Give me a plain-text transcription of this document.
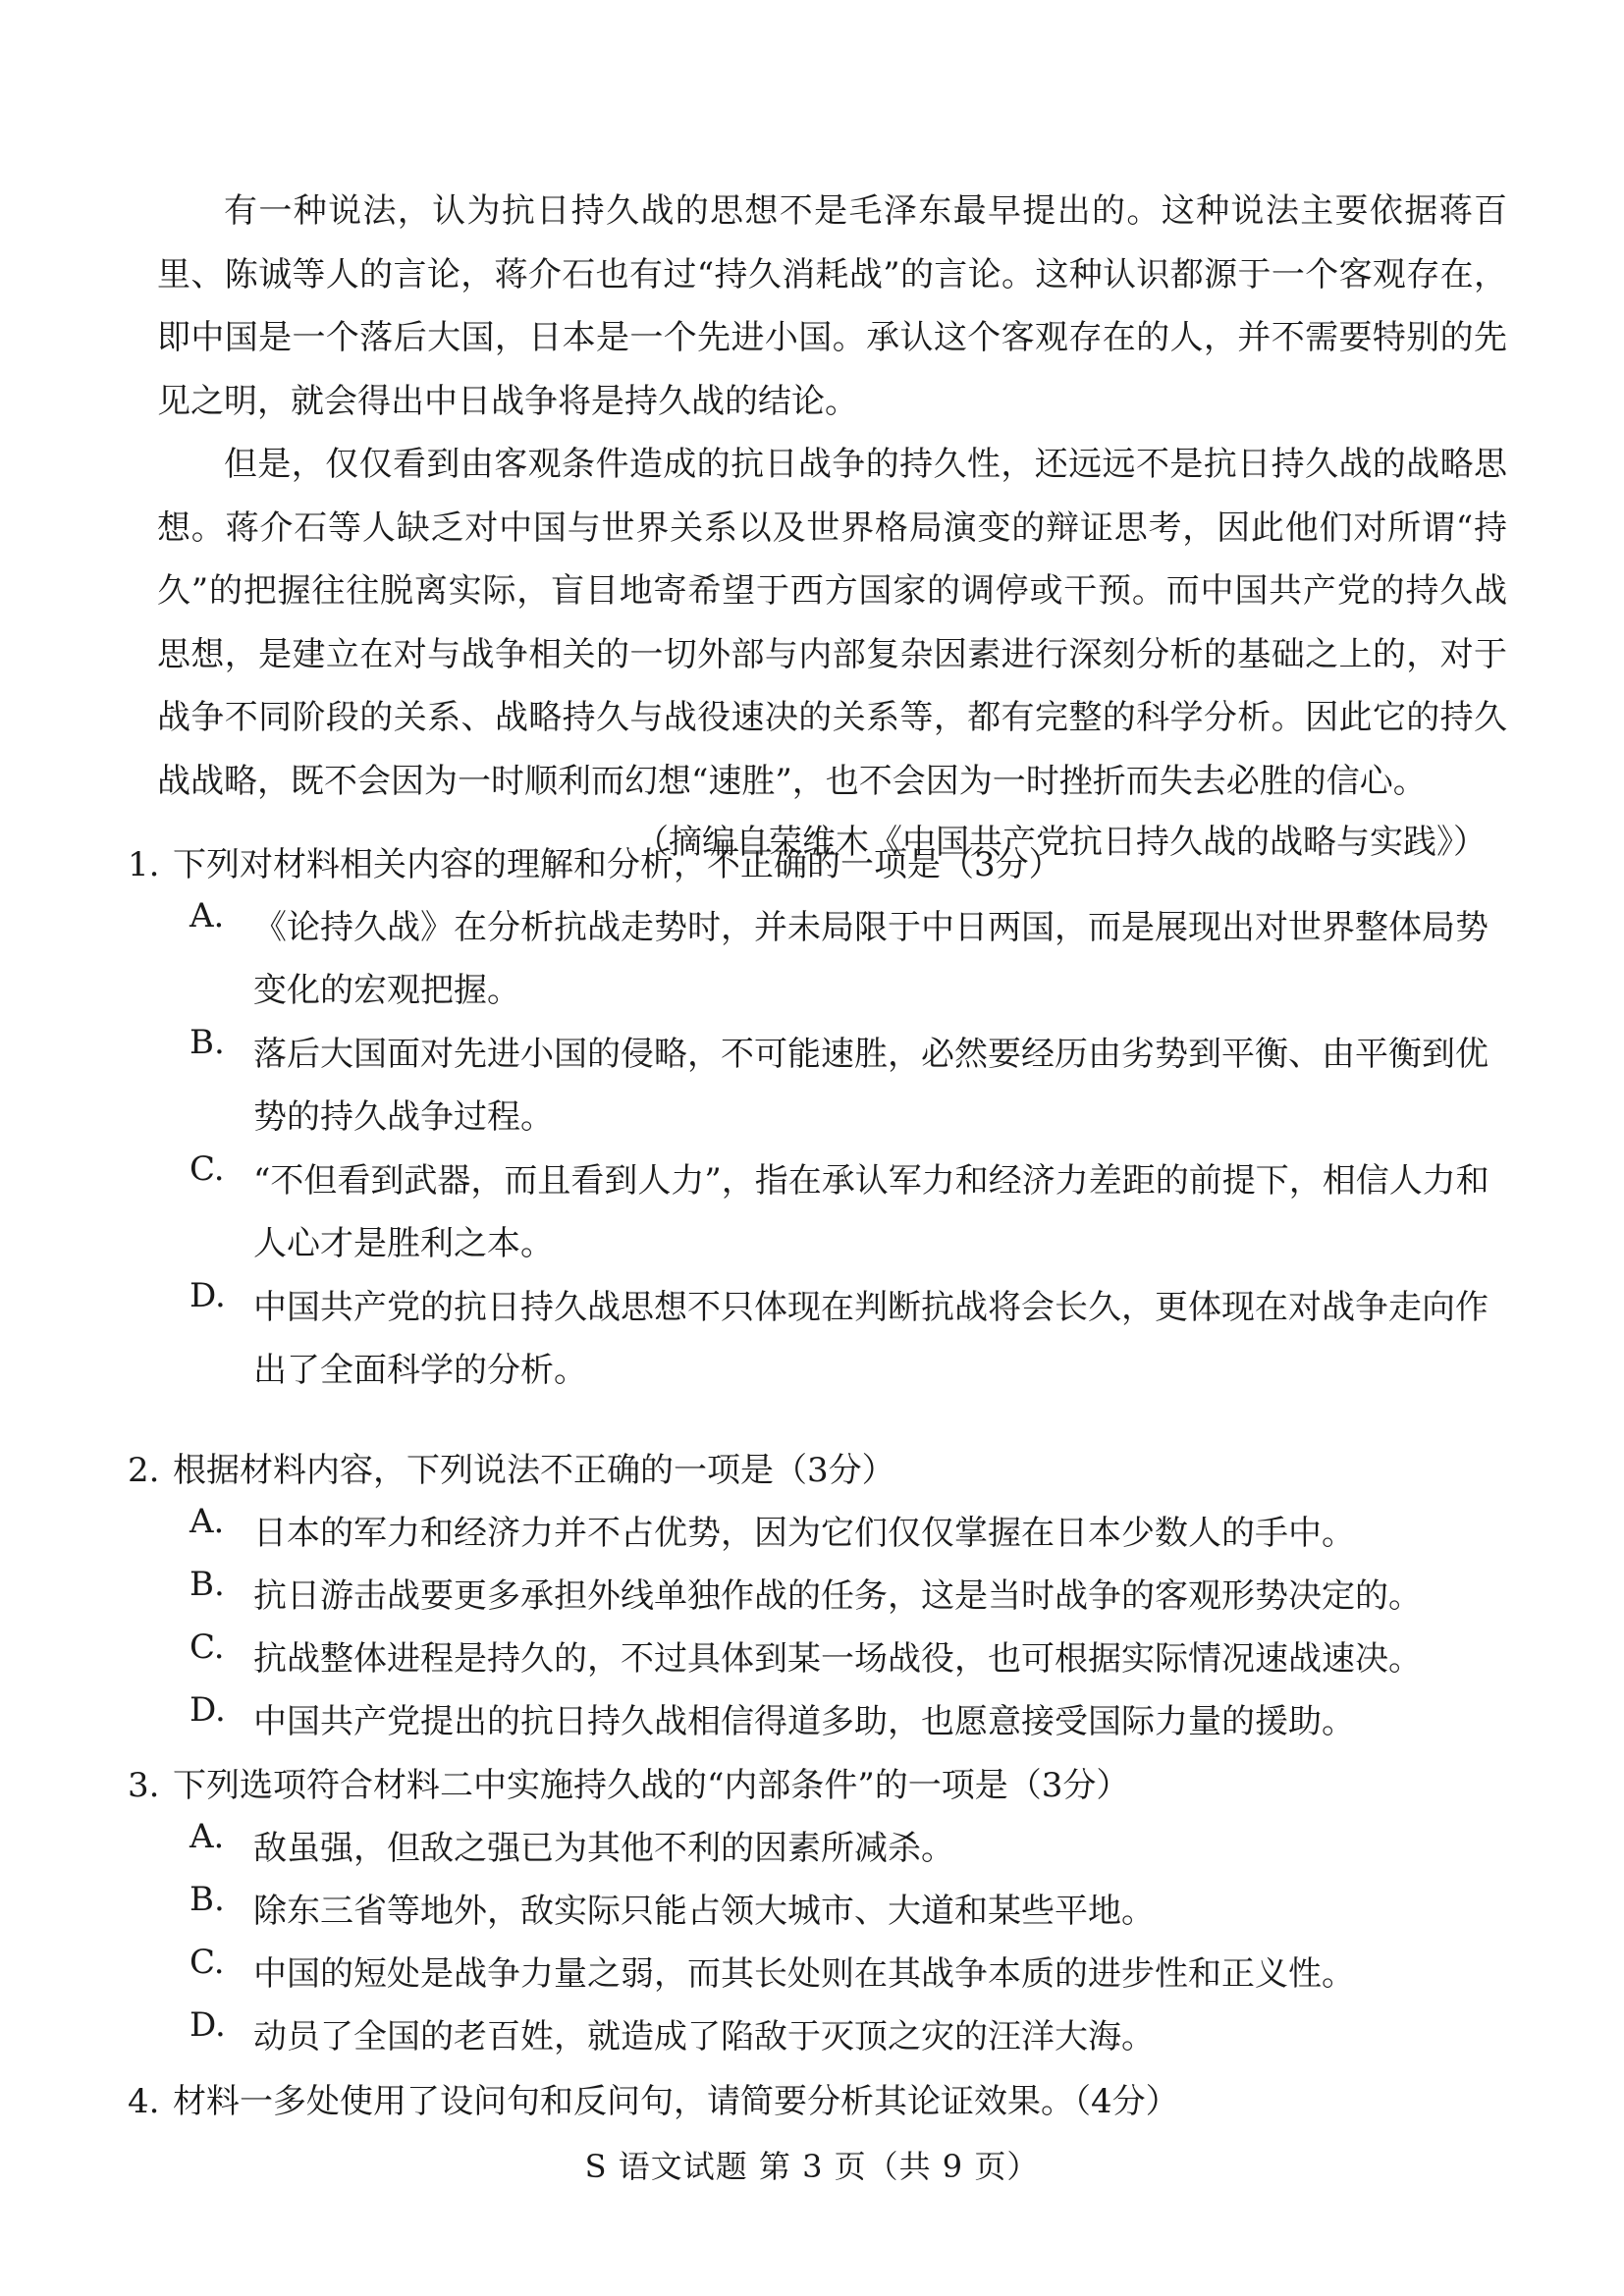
有一种说法，认为抗日持久战的思想不是毛泽东最早提出的。这种说法主要依据蒋百里、陈诚等人的言论，蒋介石也有过“持久消耗战”的言论。这种认识都源于一个客观存在，即中国是一个落后大国，日本是一个先进小国。承认这个客观存在的人，并不需要特别的先见之明，就会得出中日战争将是持久战的结论。

但是，仅仅看到由客观条件造成的抗日战争的持久性，还远远不是抗日持久战的战略思想。蒋介石等人缺乏对中国与世界关系以及世界格局演变的辩证思考，因此他们对所谓“持久”的把握往往脱离实际，盲目地寄希望于西方国家的调停或干预。而中国共产党的持久战思想，是建立在对与战争相关的一切外部与内部复杂因素进行深刻分析的基础之上的，对于战争不同阶段的关系、战略持久与战役速决的关系等，都有完整的科学分析。因此它的持久战战略，既不会因为一时顺利而幻想“速胜”，也不会因为一时挫折而失去必胜的信心。

（摘编自荣维木《中国共产党抗日持久战的战略与实践》）

1. 下列对材料相关内容的理解和分析，不正确的一项是（3分）
A. 《论持久战》在分析抗战走势时，并未局限于中日两国，而是展现出对世界整体局势变化的宏观把握。
B. 落后大国面对先进小国的侵略，不可能速胜，必然要经历由劣势到平衡、由平衡到优势的持久战争过程。
C. “不但看到武器，而且看到人力”，指在承认军力和经济力差距的前提下，相信人力和人心才是胜利之本。
D. 中国共产党的抗日持久战思想不只体现在判断抗战将会长久，更体现在对战争走向作出了全面科学的分析。
2. 根据材料内容，下列说法不正确的一项是（3分）
A. 日本的军力和经济力并不占优势，因为它们仅仅掌握在日本少数人的手中。
B. 抗日游击战要更多承担外线单独作战的任务，这是当时战争的客观形势决定的。
C. 抗战整体进程是持久的，不过具体到某一场战役，也可根据实际情况速战速决。
D. 中国共产党提出的抗日持久战相信得道多助，也愿意接受国际力量的援助。
3. 下列选项符合材料二中实施持久战的“内部条件”的一项是（3分）
A. 敌虽强，但敌之强已为其他不利的因素所减杀。
B. 除东三省等地外，敌实际只能占领大城市、大道和某些平地。
C. 中国的短处是战争力量之弱，而其长处则在其战争本质的进步性和正义性。
D. 动员了全国的老百姓，就造成了陷敌于灭顶之灾的汪洋大海。
4. 材料一多处使用了设问句和反问句，请简要分析其论证效果。（4分）

S 语文试题 第 3 页（共 9 页）
